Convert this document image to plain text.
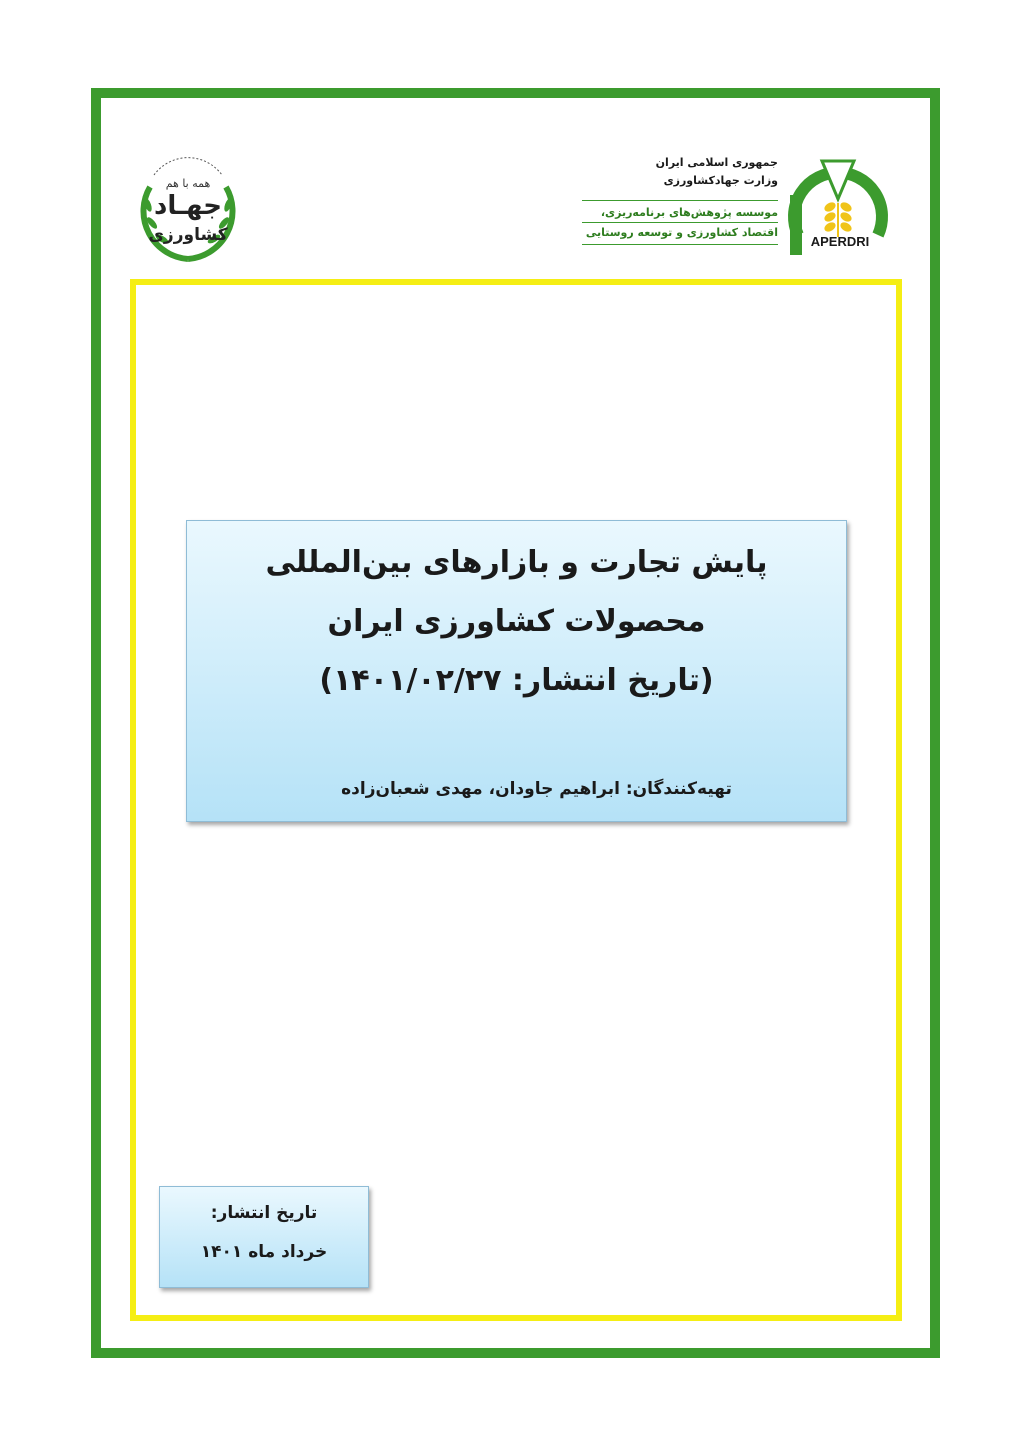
همه با هم
جهـاد
کشاورزی
جمهوری اسلامی ایران
وزارت جهادکشاورزی
موسسه پژوهش‌های برنامه‌ریزی،
اقتصاد کشاورزی و توسعه روستایی
APERDRI
پایش تجارت و بازارهای بین‌المللی
محصولات کشاورزی ایران
(تاریخ انتشار: ۱۴۰۱/۰۲/۲۷)
تهیه‌کنندگان: ابراهیم جاودان، مهدی شعبان‌زاده
تاریخ انتشار:
خرداد ماه ۱۴۰۱
